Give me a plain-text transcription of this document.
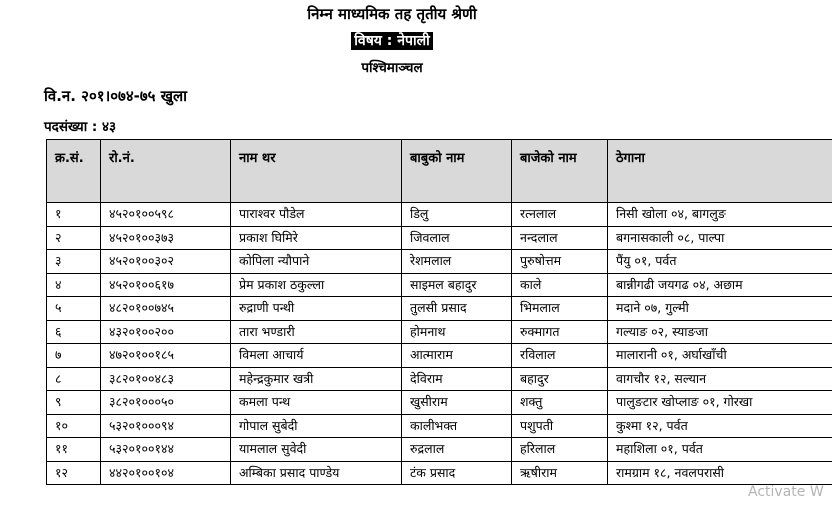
निम्न माध्यमिक तह तृतीय श्रेणी
विषय : नेपाली
पश्चिमाञ्चल
वि.न. २०१।०७४-७५ खुला
पदसंख्या : ४३
क्र.सं.	रो.नं.	नाम थर	बाबुको नाम	बाजेको नाम	ठेगाना
१	४५२०१००५९८	पाराश्वर पौडेल	डिलु	रत्नलाल	निसी खोला ०४, बागलुङ
२	४५२०१००३७३	प्रकाश घिमिरे	जिवलाल	नन्दलाल	बगनासकाली ०८, पाल्पा
३	४५२०१००३०२	कोपिला न्यौपाने	रेशमलाल	पुरुषोत्तम	पैंयु ०१, पर्वत
४	४५२०१००६१७	प्रेम प्रकाश ठकुल्ला	साइमल बहादुर	काले	बान्नीगढी जयगढ ०४, अछाम
५	४८२०१००७४५	रुद्राणी पन्थी	तुलसी प्रसाद	भिमलाल	मदाने ०७, गुल्मी
६	४३२०१००२००	तारा भण्डारी	होमनाथ	रुक्मागत	गल्याङ ०२, स्याङजा
७	४७२०१००१८५	विमला आचार्य	आत्माराम	रविलाल	मालारानी ०१, अर्घाखाँची
८	३८२०१००४८३	महेन्द्रकुमार खत्री	देविराम	बहादुर	वागचौर १२, सल्यान
९	३८२०१०००५०	कमला पन्थ	खुसीराम	शक्तु	पालुङटार खोप्लाङ ०१, गोरखा
१०	५३२०१०००९४	गोपाल सुबेदी	कालीभक्त	पशुपती	कुश्मा १२, पर्वत
११	५३२०१००१४४	यामलाल सुवेदी	रुद्रलाल	हरिलाल	महाशिला ०१, पर्वत
१२	४४२०१००१०४	अम्बिका प्रसाद पाण्डेय	टंक प्रसाद	ऋषीराम	रामग्राम १८, नवलपरासी
Activate W
